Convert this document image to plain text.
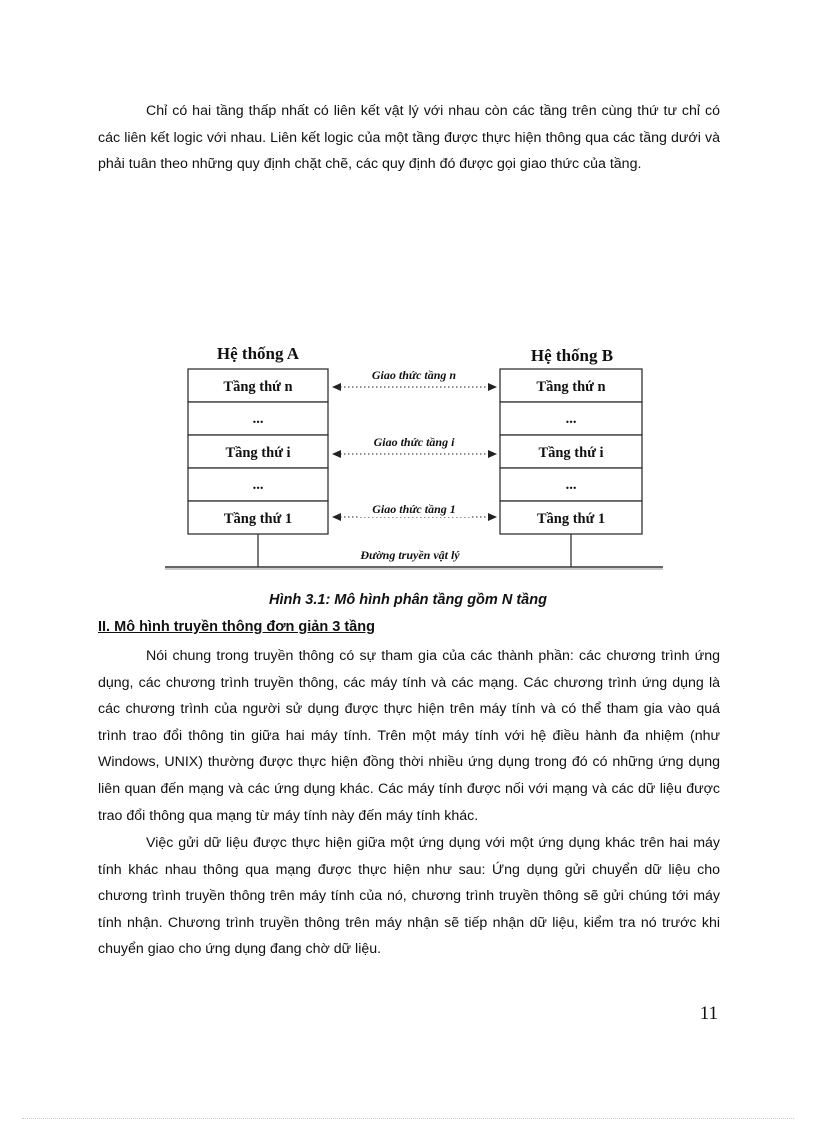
Chỉ có hai tầng thấp nhất có liên kết vật lý với nhau còn các tầng trên cùng thứ tư chỉ có các liên kết logic với nhau. Liên kết logic của một tầng được thực hiện thông qua các tầng dưới và phải tuân theo những quy định chặt chẽ, các quy định đó được gọi giao thức của tầng.

Hệ thống A	Hệ thống B
Tầng thứ n
...
Tầng thứ i
...
Tầng thứ 1
Tầng thứ n
...
Tầng thứ i
...
Tầng thứ 1
Giao thức tầng n
Giao thức tầng i
Giao thức tầng 1
Đường truyền vật lý

Hình 3.1: Mô hình phân tầng gồm N tầng

II. Mô hình truyền thông đơn giản 3 tầng

Nói chung trong truyền thông có sự tham gia của các thành phần: các chương trình ứng dụng, các chương trình truyền thông, các máy tính và các mạng. Các chương trình ứng dụng là các chương trình của người sử dụng được thực hiện trên máy tính và có thể tham gia vào quá trình trao đổi thông tin giữa hai máy tính. Trên một máy tính với hệ điều hành đa nhiệm (như Windows, UNIX) thường được thực hiện đồng thời nhiều ứng dụng trong đó có những ứng dụng liên quan đến mạng và các ứng dụng khác. Các máy tính được nối với mạng và các dữ liệu được trao đổi thông qua mạng từ máy tính này đến máy tính khác.

Việc gửi dữ liệu được thực hiện giữa một ứng dụng với một ứng dụng khác trên hai máy tính khác nhau thông qua mạng được thực hiện như sau: Ứng dụng gửi chuyển dữ liệu cho chương trình truyền thông trên máy tính của nó, chương trình truyền thông sẽ gửi chúng tới máy tính nhận. Chương trình truyền thông trên máy nhận sẽ tiếp nhận dữ liệu, kiểm tra nó trước khi chuyển giao cho ứng dụng đang chờ dữ liệu.

11
